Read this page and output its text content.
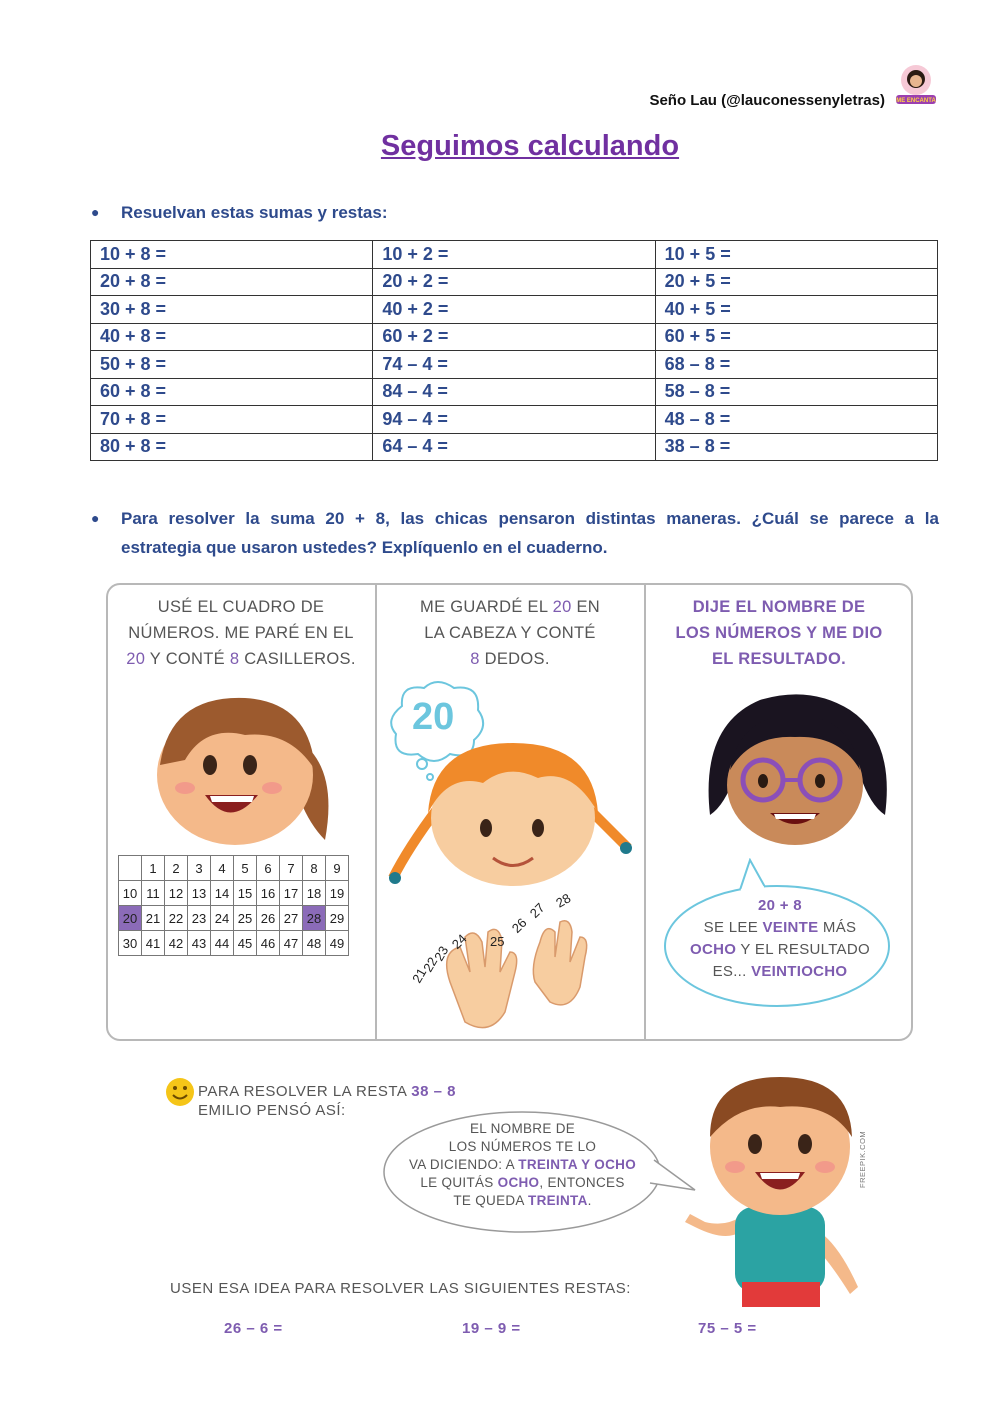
Seño Lau (@lauconessenyletras) ME ENCANTA
Seguimos calculando
● Resuelvan estas sumas y restas:
10 + 8 =	10 + 2 =	10 + 5 =
20 + 8 =	20 + 2 =	20 + 5 =
30 + 8 =	40 + 2 =	40 + 5 =
40 + 8 =	60 + 2 =	60 + 5 =
50 + 8 =	74 – 4 =	68 – 8 =
60 + 8 =	84 – 4 =	58 – 8 =
70 + 8 =	94 – 4 =	48 – 8 =
80 + 8 =	64 – 4 =	38 – 8 =
● Para resolver la suma 20 + 8, las chicas pensaron distintas maneras. ¿Cuál se parece a la
estrategia que usaron ustedes? Explíquenlo en el cuaderno.
USÉ EL CUADRO DE
NÚMEROS. ME PARÉ EN EL
20 Y CONTÉ 8 CASILLEROS.
	1	2	3	4	5	6	7	8	9
10	11	12	13	14	15	16	17	18	19
20	21	22	23	24	25	26	27	28	29
30	41	42	43	44	45	46	47	48	49
ME GUARDÉ EL 20 EN
LA CABEZA Y CONTÉ
8 DEDOS.
20
21
22
23
24 25
26
27 28
DIJE EL NOMBRE DE
LOS NÚMEROS Y ME DIO
EL RESULTADO.
20 + 8
SE LEE VEINTE MÁS
OCHO Y EL RESULTADO
ES... VEINTIOCHO
PARA RESOLVER LA RESTA 38 – 8
EMILIO PENSÓ ASÍ:
EL NOMBRE DE
LOS NÚMEROS TE LO
VA DICIENDO: A TREINTA Y OCHO
LE QUITÁS OCHO, ENTONCES
TE QUEDA TREINTA.
FREEPIK.COM
USEN ESA IDEA PARA RESOLVER LAS SIGUIENTES RESTAS:
26 – 6 =	19 – 9 =	75 – 5 =
